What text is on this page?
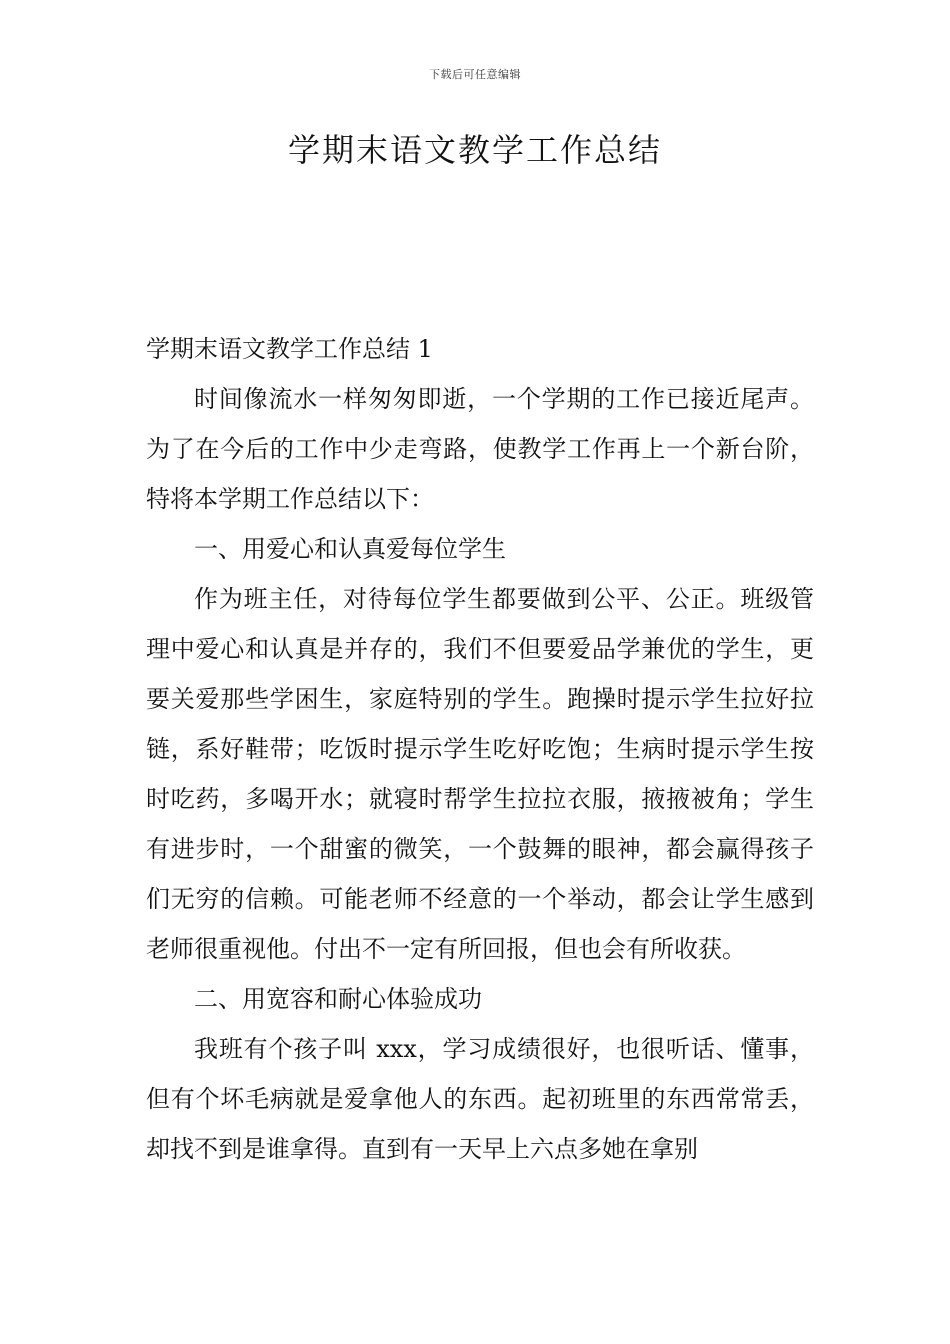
下载后可任意编辑
学期末语文教学工作总结

学期末语文教学工作总结 1

时间像流水一样匆匆即逝，一个学期的工作已接近尾声。为了在今后的工作中少走弯路，使教学工作再上一个新台阶，特将本学期工作总结以下：

一、用爱心和认真爱每位学生

作为班主任，对待每位学生都要做到公平、公正。班级管理中爱心和认真是并存的，我们不但要爱品学兼优的学生，更要关爱那些学困生，家庭特别的学生。跑操时提示学生拉好拉链，系好鞋带；吃饭时提示学生吃好吃饱；生病时提示学生按时吃药，多喝开水；就寝时帮学生拉拉衣服，掖掖被角；学生有进步时，一个甜蜜的微笑，一个鼓舞的眼神，都会赢得孩子们无穷的信赖。可能老师不经意的一个举动，都会让学生感到老师很重视他。付出不一定有所回报，但也会有所收获。

二、用宽容和耐心体验成功

我班有个孩子叫 xxx，学习成绩很好，也很听话、懂事，但有个坏毛病就是爱拿他人的东西。起初班里的东西常常丢，却找不到是谁拿得。直到有一天早上六点多她在拿别
